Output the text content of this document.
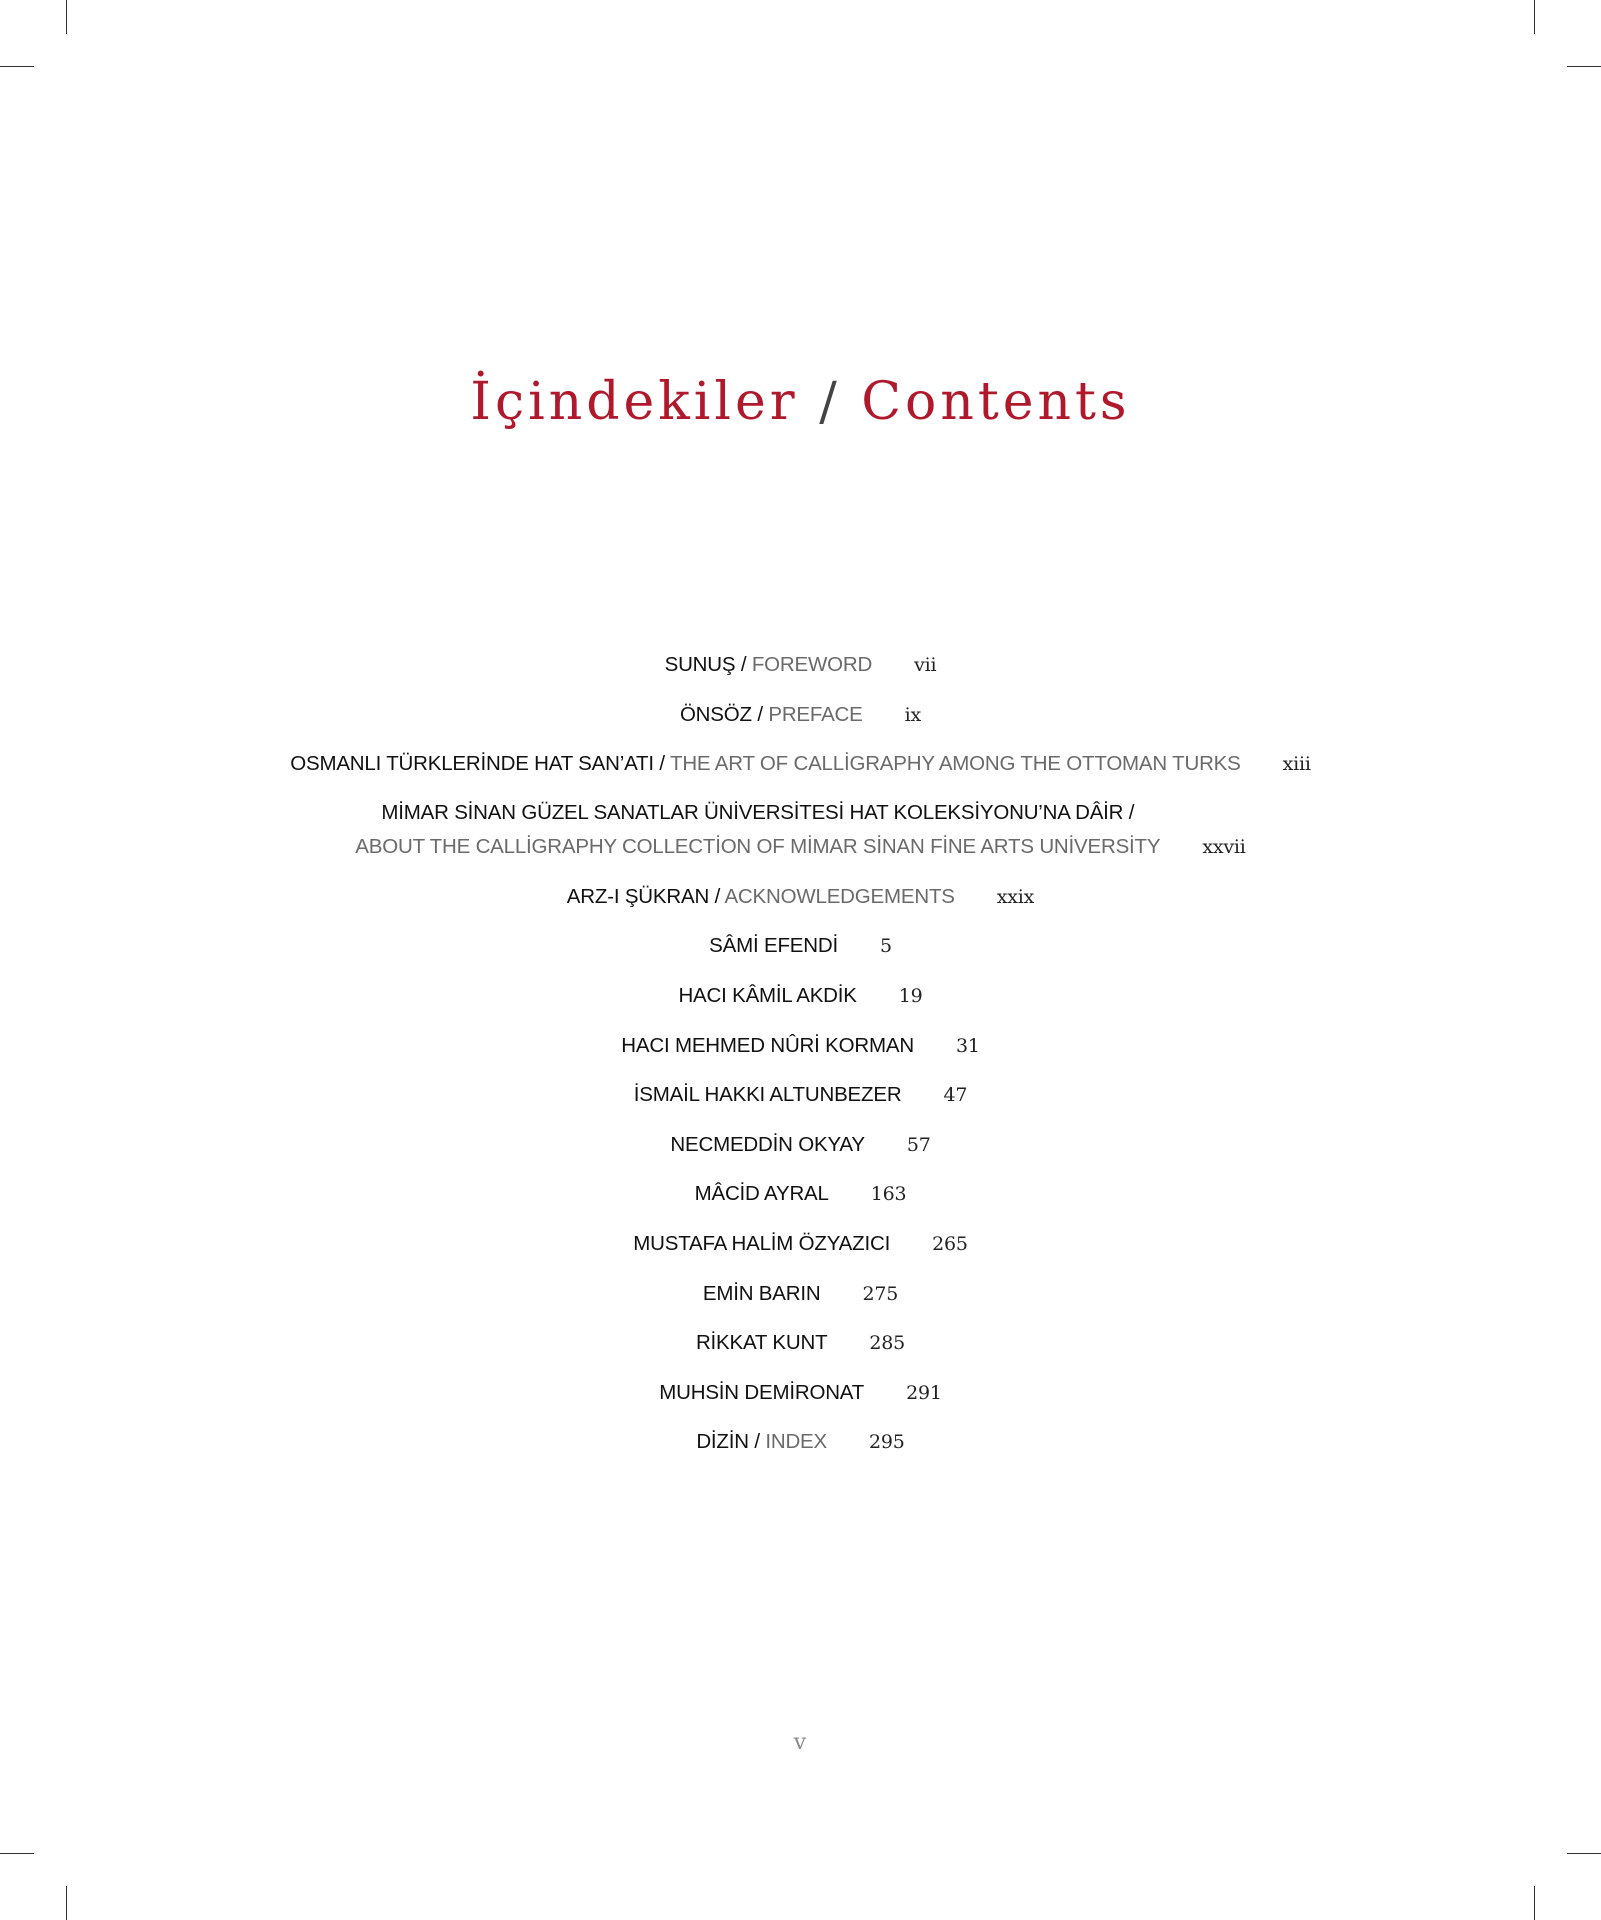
İçindekiler / Contents
SUNUŞ / FOREWORD vii
ÖNSÖZ / PREFACE ix
OSMANLI TÜRKLERİNDE HAT SAN’ATI / THE ART OF CALLİGRAPHY AMONG THE OTTOMAN TURKS xiii
MİMAR SİNAN GÜZEL SANATLAR ÜNİVERSİTESİ HAT KOLEKSİYONU’NA DÂİR /
ABOUT THE CALLİGRAPHY COLLECTİON OF MİMAR SİNAN FİNE ARTS UNİVERSİTY xxvii
ARZ-I ŞÜKRAN / ACKNOWLEDGEMENTS xxix
SÂMİ EFENDİ 5
HACI KÂMİL AKDİK 19
HACI MEHMED NÛRİ KORMAN 31
İSMAİL HAKKI ALTUNBEZER 47
NECMEDDİN OKYAY 57
MÂCİD AYRAL 163
MUSTAFA HALİM ÖZYAZICI 265
EMİN BARIN 275
RİKKAT KUNT 285
MUHSİN DEMİRONAT 291
DİZİN / INDEX 295
v
